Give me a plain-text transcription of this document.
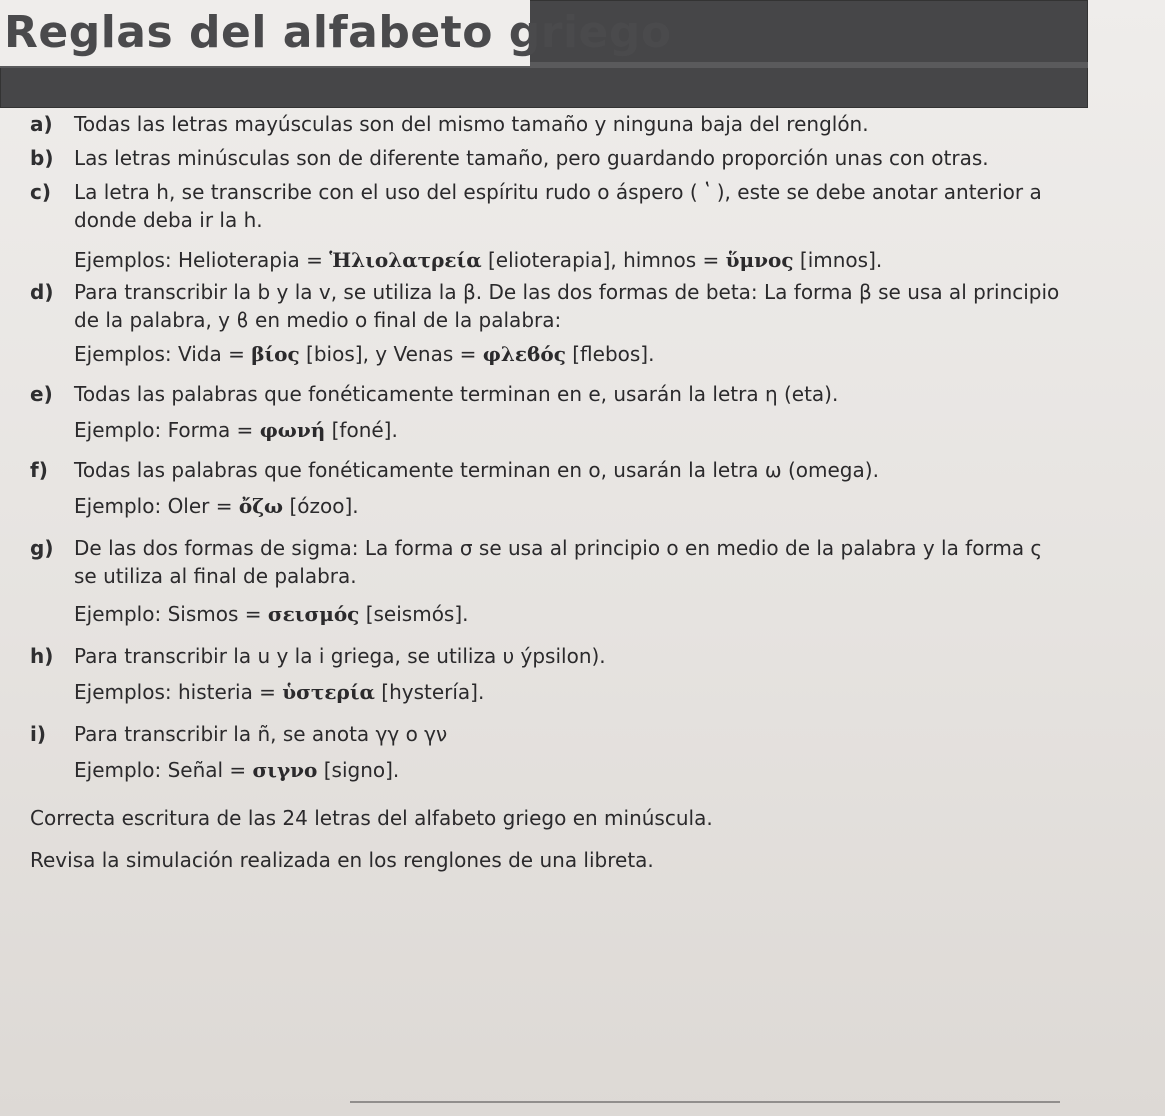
Reglas del alfabeto griego
a)	Todas las letras mayúsculas son del mismo tamaño y ninguna baja del renglón.
b)	Las letras minúsculas son de diferente tamaño, pero guardando proporción unas con otras.
c)	La letra h, se transcribe con el uso del espíritu rudo o áspero ( ʽ ), este se debe anotar anterior a
donde deba ir la h.
Ejemplos: Helioterapia = Ἡλιολατρεία [elioterapia], himnos = ὕμνος [imnos].
d)	Para transcribir la b y la v, se utiliza la β. De las dos formas de beta: La forma β se usa al principio
de la palabra, y ϐ en medio o final de la palabra:
Ejemplos: Vida = βίος [bios], y Venas = φλεϐός [flebos].
e)	Todas las palabras que fonéticamente terminan en e, usarán la letra η (eta).
Ejemplo: Forma = φωνή [foné].
f)	Todas las palabras que fonéticamente terminan en o, usarán la letra ω (omega).
Ejemplo: Oler = ὄζω [ózoo].
g)	De las dos formas de sigma: La forma σ se usa al principio o en medio de la palabra y la forma ς
se utiliza al final de palabra.
Ejemplo: Sismos = σεισμός [seismós].
h)	Para transcribir la u y la i griega, se utiliza υ ýpsilon).
Ejemplos: histeria = ὑστερία [hystería].
i)	Para transcribir la ñ, se anota γγ o γν
Ejemplo: Señal = σιγνο [signo].
Correcta escritura de las 24 letras del alfabeto griego en minúscula.
Revisa la simulación realizada en los renglones de una libreta.
